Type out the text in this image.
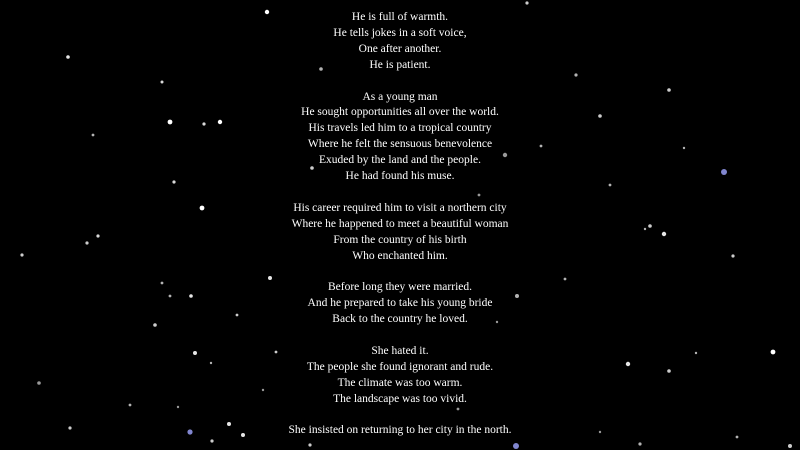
He is full of warmth.
He tells jokes in a soft voice,
One after another.
He is patient.
As a young man
He sought opportunities all over the world.
His travels led him to a tropical country
Where he felt the sensuous benevolence
Exuded by the land and the people.
He had found his muse.
His career required him to visit a northern city
Where he happened to meet a beautiful woman
From the country of his birth
Who enchanted him.
Before long they were married.
And he prepared to take his young bride
Back to the country he loved.
She hated it.
The people she found ignorant and rude.
The climate was too warm.
The landscape was too vivid.
She insisted on returning to her city in the north.
